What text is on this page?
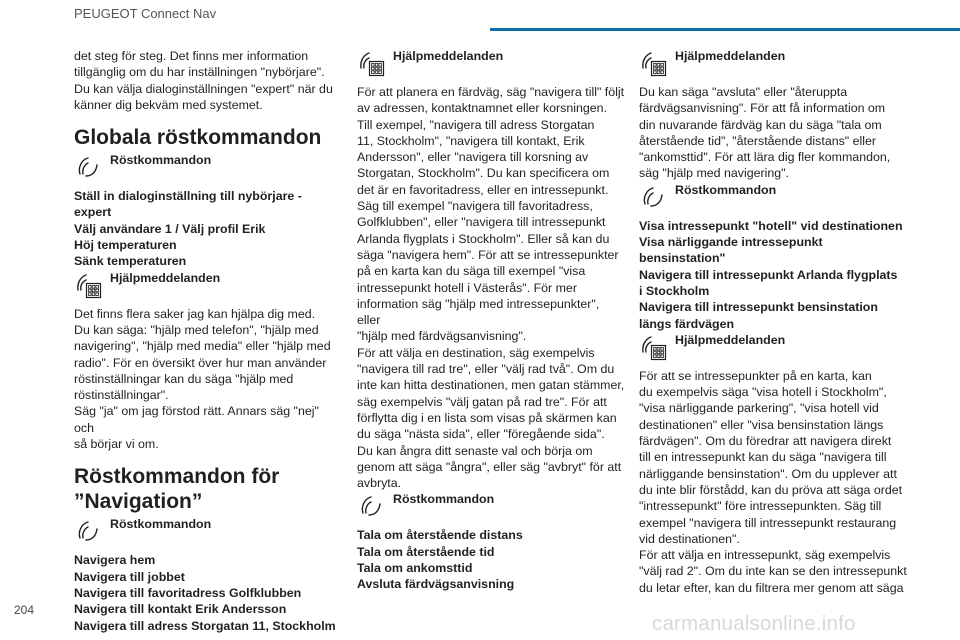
PEUGEOT Connect Nav

det steg för steg. Det finns mer information

tillgänglig om du har inställningen "nybörjare".

Du kan välja dialoginställningen "expert" när du

känner dig bekväm med systemet.

Globala röstkommandon
Röstkommandon

Ställ in dialoginställning till nybörjare - expert

Välj användare 1 / Välj profil Erik

Höj temperaturen

Sänk temperaturen

Hjälpmeddelanden

Det finns flera saker jag kan hjälpa dig med.

Du kan säga: "hjälp med telefon", "hjälp med

navigering", "hjälp med media" eller "hjälp med

radio". För en översikt över hur man använder

röstinställningar kan du säga "hjälp med

röstinställningar".

Säg "ja" om jag förstod rätt. Annars säg "nej" och

så börjar vi om.

Röstkommandon för
”Navigation”
Röstkommandon

Navigera hem

Navigera till jobbet

Navigera till favoritadress Golfklubben

Navigera till kontakt Erik Andersson

Navigera till adress Storgatan 11, Stockholm

Hjälpmeddelanden

För att planera en färdväg, säg "navigera till" följt

av adressen, kontaktnamnet eller korsningen.

Till exempel, "navigera till adress Storgatan

11, Stockholm", "navigera till kontakt, Erik

Andersson", eller "navigera till korsning av

Storgatan, Stockholm". Du kan specificera om

det är en favoritadress, eller en intressepunkt.

Säg till exempel "navigera till favoritadress,

Golfklubben", eller "navigera till intressepunkt

Arlanda flygplats i Stockholm". Eller så kan du

säga "navigera hem". För att se intressepunkter

på en karta kan du säga till exempel "visa

intressepunkt hotell i Västerås". För mer

information säg "hjälp med intressepunkter", eller

"hjälp med färdvägsanvisning".

För att välja en destination, säg exempelvis

"navigera till rad tre", eller "välj rad två". Om du

inte kan hitta destinationen, men gatan stämmer,

säg exempelvis "välj gatan på rad tre". För att

förflytta dig i en lista som visas på skärmen kan

du säga "nästa sida", eller "föregående sida".

Du kan ångra ditt senaste val och börja om

genom att säga "ångra", eller säg "avbryt" för att

avbryta.

Röstkommandon

Tala om återstående distans

Tala om återstående tid

Tala om ankomsttid

Avsluta färdvägsanvisning

Hjälpmeddelanden

Du kan säga "avsluta" eller "återuppta

färdvägsanvisning". För att få information om

din nuvarande färdväg kan du säga "tala om

återstående tid", "återstående distans" eller

"ankomsttid". För att lära dig fler kommandon,

säg "hjälp med navigering".

Röstkommandon

Visa intressepunkt "hotell" vid destinationen

Visa närliggande intressepunkt

bensinstation"

Navigera till intressepunkt Arlanda flygplats

i Stockholm

Navigera till intressepunkt bensinstation

längs färdvägen

Hjälpmeddelanden

För att se intressepunkter på en karta, kan

du exempelvis säga "visa hotell i Stockholm",

"visa närliggande parkering", "visa hotell vid

destinationen" eller "visa bensinstation längs

färdvägen". Om du föredrar att navigera direkt

till en intressepunkt kan du säga "navigera till

närliggande bensinstation". Om du upplever att

du inte blir förstådd, kan du pröva att säga ordet

"intressepunkt" före intressepunkten. Säg till

exempel "navigera till intressepunkt restaurang

vid destinationen".

För att välja en intressepunkt, säg exempelvis

"välj rad 2". Om du inte kan se den intressepunkt

du letar efter, kan du filtrera mer genom att säga

204
carmanualsonline.info
